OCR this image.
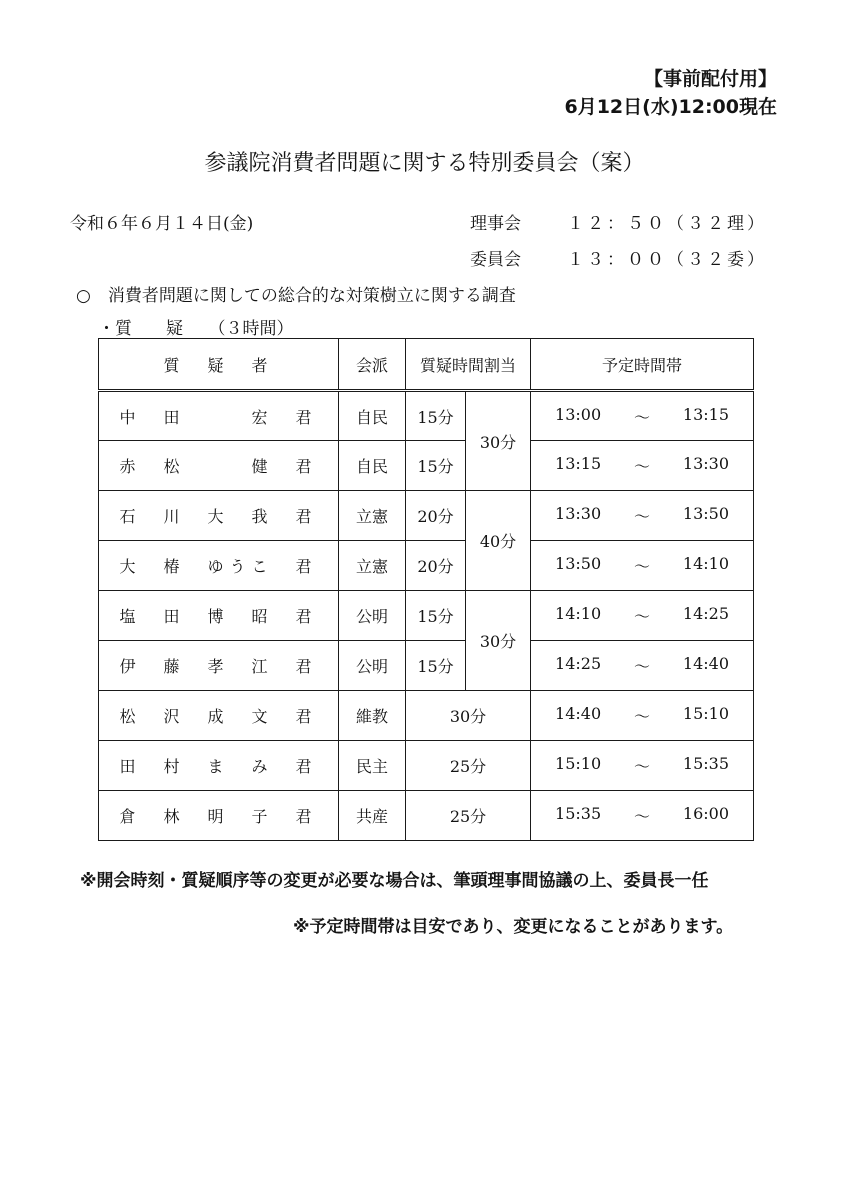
【事前配付用】
6月12日(水)12:00現在
参議院消費者問題に関する特別委員会（案）
令和６年６月１４日(金)	理事会	１２：５０（３２理）
委員会	１３：００（３２委）
○　消費者問題に関しての総合的な対策樹立に関する調査
・質　　疑　　（３時間）
質　疑　者	会派	質疑時間割当		予定時間帯
中　田　　　宏　君	自民	15分	30分	13:00 〜 13:15

赤　松　　　健　君	自民	15分		13:15 〜 13:30

石　川　大　我　君	立憲	20分	40分	13:30 〜 13:50

大　椿　ゆうこ　君	立憲	20分		13:50 〜 14:10

塩　田　博　昭　君	公明	15分	30分	14:10 〜 14:25

伊　藤　孝　江　君	公明	15分		14:25 〜 14:40

松　沢　成　文　君	維教	30分		14:40 〜 15:10

田　村　ま　み　君	民主	25分		15:10 〜 15:35

倉　林　明　子　君	共産	25分		15:35 〜 16:00
※開会時刻・質疑順序等の変更が必要な場合は、筆頭理事間協議の上、委員長一任
※予定時間帯は目安であり、変更になることがあります。
